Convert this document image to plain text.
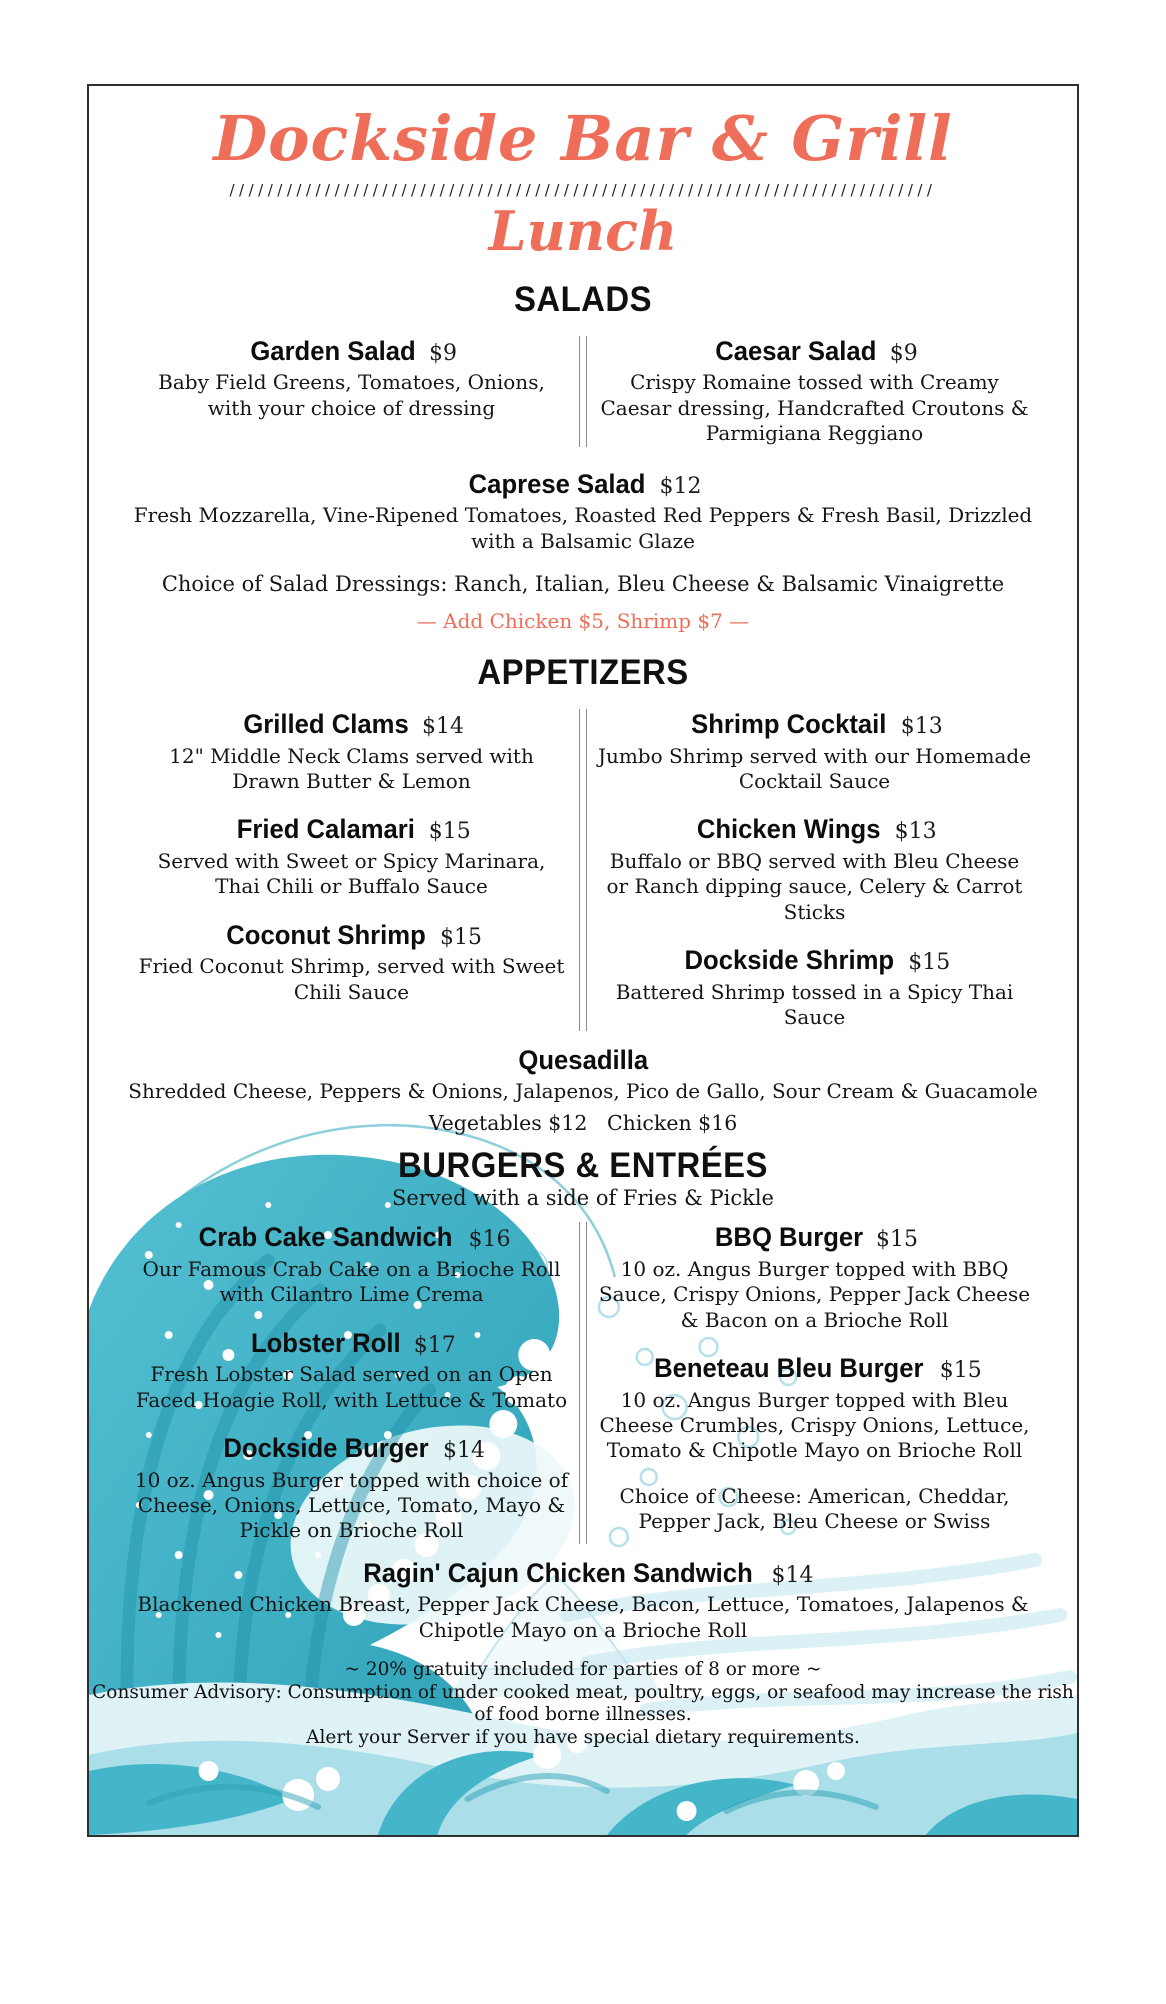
Dockside Bar & Grill
//////////////////////////////////////////////////////////////////////////
Lunch
SALADS
Garden Salad $9
Baby Field Greens, Tomatoes, Onions, with your choice of dressing
Caesar Salad $9
Crispy Romaine tossed with Creamy Caesar dressing, Handcrafted Croutons & Parmigiana Reggiano
Caprese Salad $12
Fresh Mozzarella, Vine-Ripened Tomatoes, Roasted Red Peppers & Fresh Basil, Drizzled with a Balsamic Glaze

Choice of Salad Dressings: Ranch, Italian, Bleu Cheese & Balsamic Vinaigrette

— Add Chicken $5, Shrimp $7 —

APPETIZERS
Grilled Clams $14
12" Middle Neck Clams served with Drawn Butter & Lemon
Fried Calamari $15
Served with Sweet or Spicy Marinara, Thai Chili or Buffalo Sauce
Coconut Shrimp $15
Fried Coconut Shrimp, served with Sweet Chili Sauce
Shrimp Cocktail $13
Jumbo Shrimp served with our Homemade Cocktail Sauce
Chicken Wings $13
Buffalo or BBQ served with Bleu Cheese or Ranch dipping sauce, Celery & Carrot Sticks
Dockside Shrimp $15
Battered Shrimp tossed in a Spicy Thai Sauce
Quesadilla
Shredded Cheese, Peppers & Onions, Jalapenos, Pico de Gallo, Sour Cream & Guacamole
Vegetables $12   Chicken $16
BURGERS & ENTRÉES

Served with a side of Fries & Pickle

Crab Cake Sandwich $16
Our Famous Crab Cake on a Brioche Roll with Cilantro Lime Crema
Lobster Roll $17
Fresh Lobster Salad served on an Open Faced Hoagie Roll, with Lettuce & Tomato
Dockside Burger $14
10 oz. Angus Burger topped with choice of Cheese, Onions, Lettuce, Tomato, Mayo & Pickle on Brioche Roll
BBQ Burger $15
10 oz. Angus Burger topped with BBQ Sauce, Crispy Onions, Pepper Jack Cheese & Bacon on a Brioche Roll
Beneteau Bleu Burger $15
10 oz. Angus Burger topped with Bleu Cheese Crumbles, Crispy Onions, Lettuce, Tomato & Chipotle Mayo on Brioche Roll
Choice of Cheese: American, Cheddar, Pepper Jack, Bleu Cheese or Swiss
Ragin' Cajun Chicken Sandwich $14
Blackened Chicken Breast, Pepper Jack Cheese, Bacon, Lettuce, Tomatoes, Jalapenos & Chipotle Mayo on a Brioche Roll

~ 20% gratuity included for parties of 8 or more ~

Consumer Advisory: Consumption of under cooked meat, poultry, eggs, or seafood may increase the rish of food borne illnesses.

Alert your Server if you have special dietary requirements.
